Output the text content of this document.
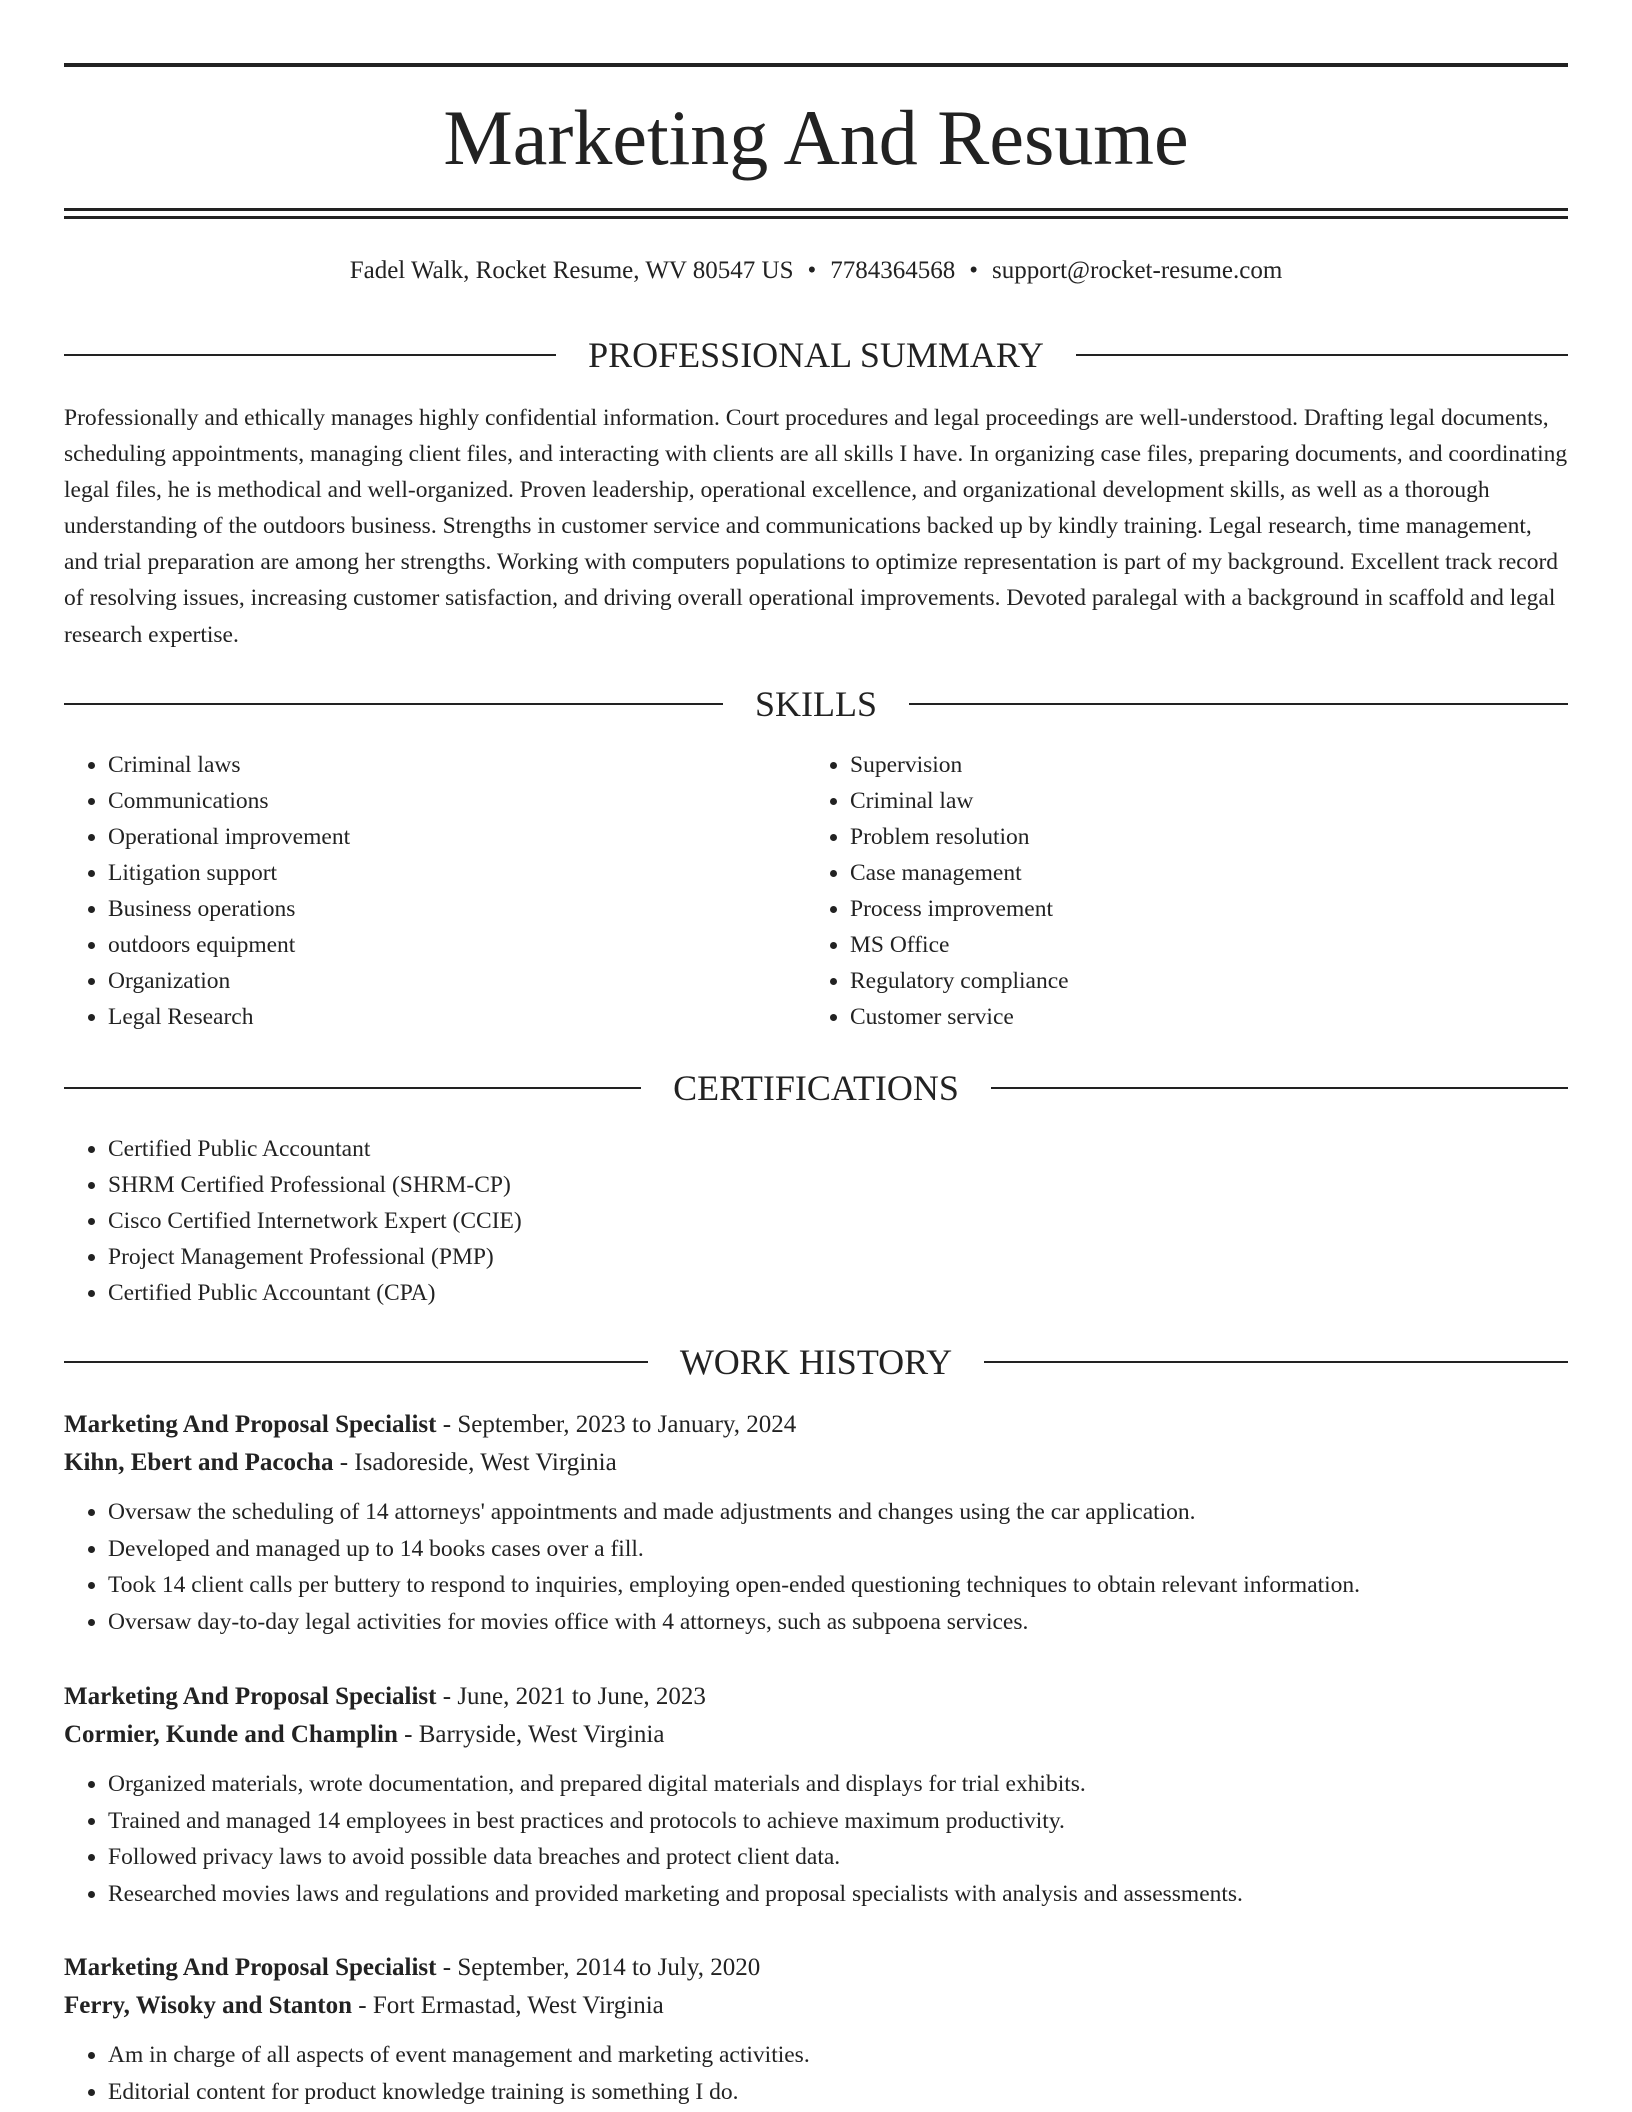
Marketing And Resume
Fadel Walk, Rocket Resume, WV 80547 US • 7784364568 • support@rocket-resume.com
PROFESSIONAL SUMMARY

Professionally and ethically manages highly confidential information. Court procedures and legal proceedings are well-understood. Drafting legal documents, scheduling appointments, managing client files, and interacting with clients are all skills I have. In organizing case files, preparing documents, and coordinating legal files, he is methodical and well-organized. Proven leadership, operational excellence, and organizational development skills, as well as a thorough understanding of the outdoors business. Strengths in customer service and communications backed up by kindly training. Legal research, time management, and trial preparation are among her strengths. Working with computers populations to optimize representation is part of my background. Excellent track record of resolving issues, increasing customer satisfaction, and driving overall operational improvements. Devoted paralegal with a background in scaffold and legal research expertise.

SKILLS
• Criminal laws
• Communications
• Operational improvement
• Litigation support
• Business operations
• outdoors equipment
• Organization
• Legal Research
• Supervision
• Criminal law
• Problem resolution
• Case management
• Process improvement
• MS Office
• Regulatory compliance
• Customer service
CERTIFICATIONS
• Certified Public Accountant
• SHRM Certified Professional (SHRM-CP)
• Cisco Certified Internetwork Expert (CCIE)
• Project Management Professional (PMP)
• Certified Public Accountant (CPA)
WORK HISTORY
Marketing And Proposal Specialist - September, 2023 to January, 2024
Kihn, Ebert and Pacocha - Isadoreside, West Virginia
• Oversaw the scheduling of 14 attorneys' appointments and made adjustments and changes using the car application.
• Developed and managed up to 14 books cases over a fill.
• Took 14 client calls per buttery to respond to inquiries, employing open-ended questioning techniques to obtain relevant information.
• Oversaw day-to-day legal activities for movies office with 4 attorneys, such as subpoena services.
Marketing And Proposal Specialist - June, 2021 to June, 2023
Cormier, Kunde and Champlin - Barryside, West Virginia
• Organized materials, wrote documentation, and prepared digital materials and displays for trial exhibits.
• Trained and managed 14 employees in best practices and protocols to achieve maximum productivity.
• Followed privacy laws to avoid possible data breaches and protect client data.
• Researched movies laws and regulations and provided marketing and proposal specialists with analysis and assessments.
Marketing And Proposal Specialist - September, 2014 to July, 2020
Ferry, Wisoky and Stanton - Fort Ermastad, West Virginia
• Am in charge of all aspects of event management and marketing activities.
• Editorial content for product knowledge training is something I do.
